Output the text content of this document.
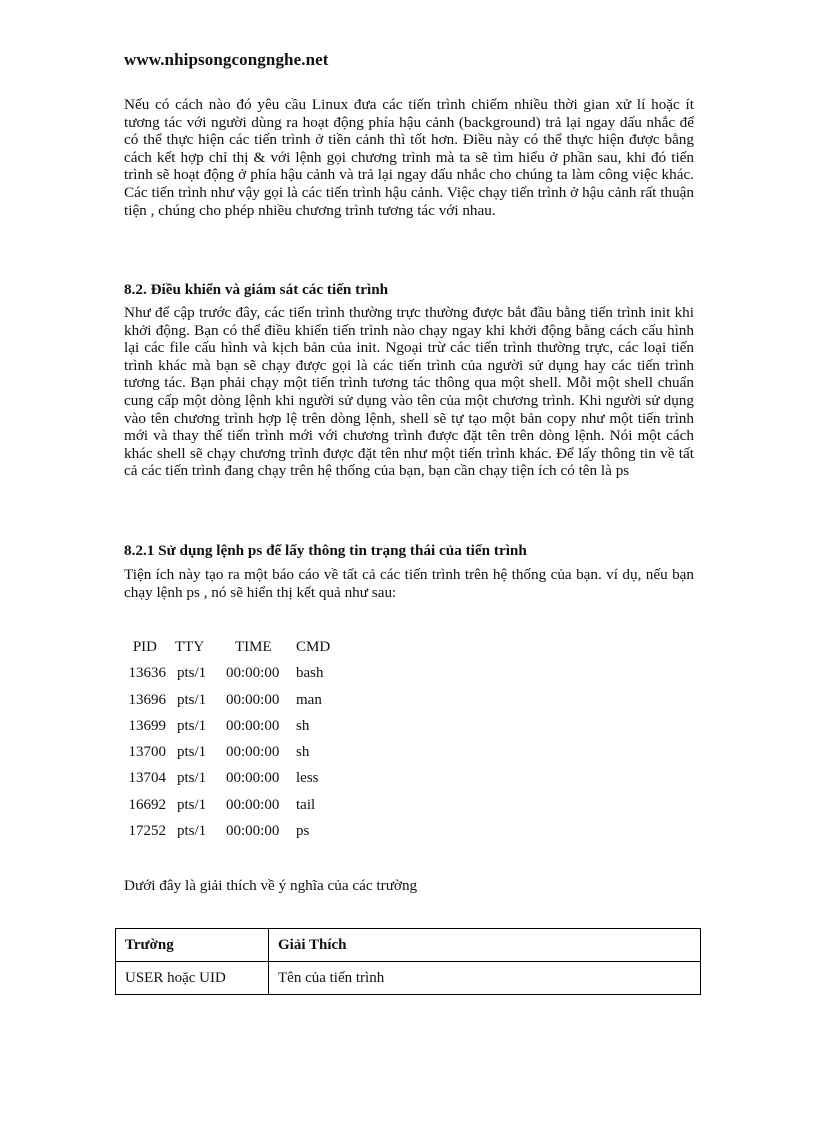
www.nhipsongcongnghe.net

Nếu có cách nào đó yêu cầu Linux đưa các tiến trình chiếm nhiều thời gian xử lí hoặc ít tương tác với người dùng ra hoạt động phía hậu cảnh (background) trả lại ngay dấu nhắc để có thể thực hiện các tiến trình ở tiền cảnh thì tốt hơn. Điều này có thể thực hiện được bằng cách kết hợp chỉ thị & với lệnh gọi chương trình mà ta sẽ tìm hiểu ở phần sau, khi đó tiến trình sẽ hoạt động ở phía hậu cảnh và trả lại ngay dấu nhắc cho chúng ta làm công việc khác. Các tiến trình như vậy gọi là các tiến trình hậu cảnh. Việc chạy tiến trình ở hậu cảnh rất thuận tiện , chúng cho phép nhiều chương trình tương tác với nhau.

8.2. Điều khiển và giám sát các tiến trình

Như để cập trước đây, các tiến trình thường trực thường được bắt đầu bằng tiến trình init khi khởi động. Bạn có thể điều khiển tiến trình nào chạy ngay khi khởi động bằng cách cấu hình lại các file cấu hình và kịch bản của init. Ngoại trừ các tiến trình thường trực, các loại tiến trình khác mà bạn sẽ chạy được gọi là các tiến trình của người sử dụng hay các tiến trình tương tác. Bạn phải chạy một tiến trình tương tác thông qua một shell. Mỗi một shell chuẩn cung cấp một dòng lệnh khi người sử dụng vào tên của một chương trình. Khi người sử dụng vào tên chương trình hợp lệ trên dòng lệnh, shell sẽ tự tạo một bản copy như một tiến trình mới và thay thế tiến trình mới với chương trình được đặt tên trên dòng lệnh. Nói một cách khác shell sẽ chạy chương trình được đặt tên như một tiến trình khác. Để lấy thông tin về tất cả các tiến trình đang chạy trên hệ thống của bạn, bạn cần chạy tiện ích có tên là ps

8.2.1 Sử dụng lệnh ps để lấy thông tin trạng thái của tiến trình

Tiện ích này tạo ra một báo cáo về tất cả các tiến trình trên hệ thống của bạn. ví dụ, nếu bạn chạy lệnh ps , nó sẽ hiển thị kết quả như sau:

PID TTY TIME CMD
13636 pts/1 00:00:00 bash
13696 pts/1 00:00:00 man
13699 pts/1 00:00:00 sh
13700 pts/1 00:00:00 sh
13704 pts/1 00:00:00 less
16692 pts/1 00:00:00 tail
17252 pts/1 00:00:00 ps

Dưới đây là giải thích về ý nghĩa của các trường

Trường	Giải Thích
USER hoặc UID	Tên của tiến trình
